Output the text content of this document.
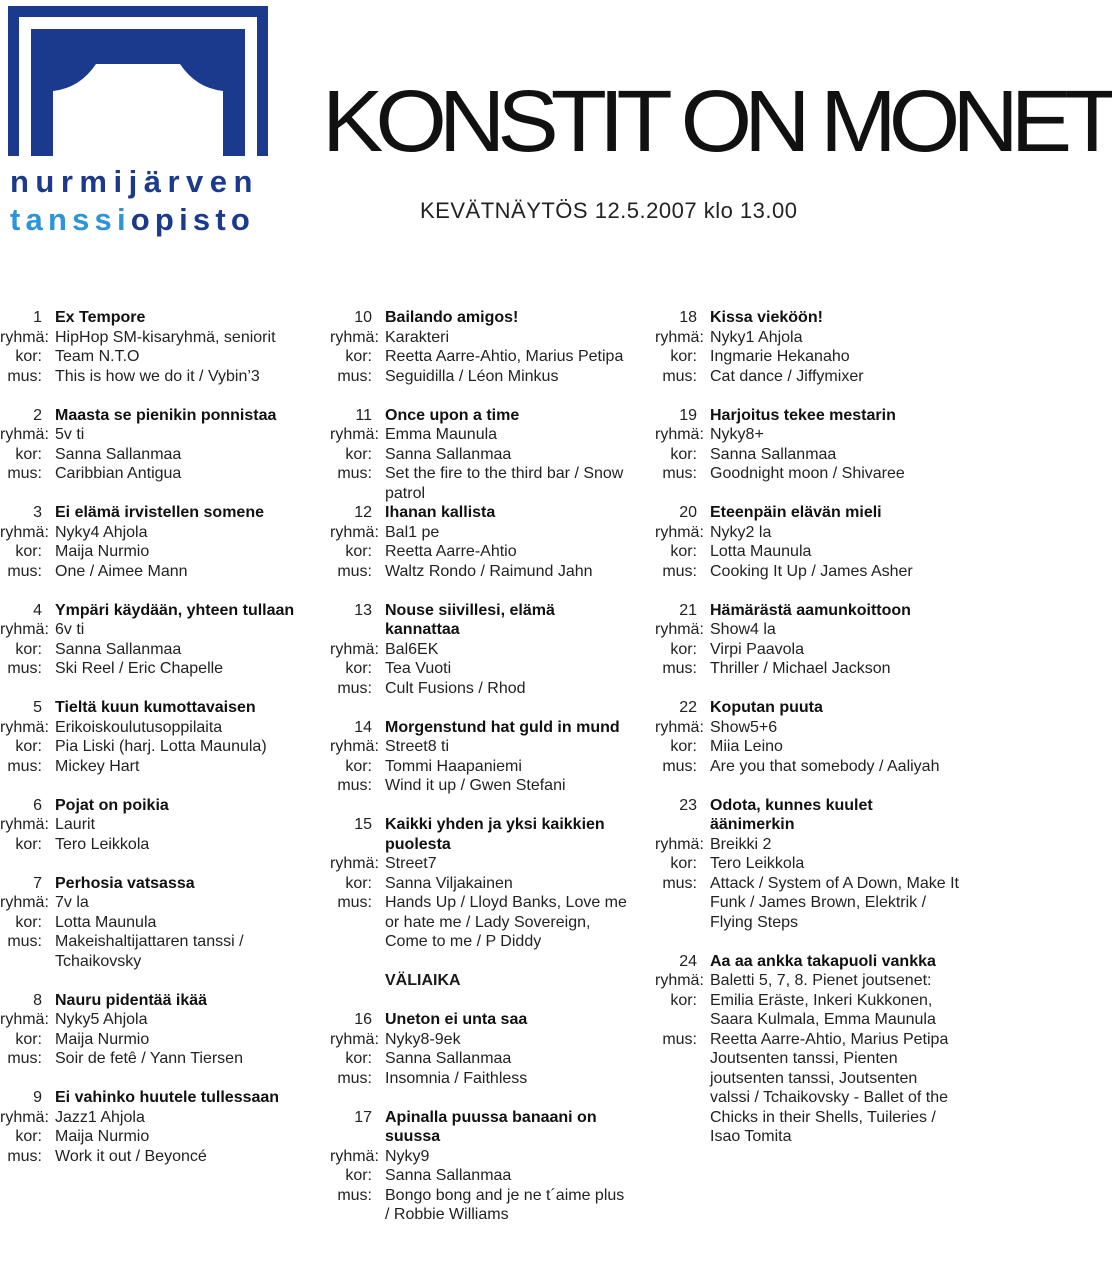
nurmijärven
tanssiopisto
KONSTIT ON MONET
KEVÄTNÄYTÖS 12.5.2007 klo 13.00
1 Ex Tempore
ryhmä: HipHop SM-kisaryhmä, seniorit
kor: Team N.T.O
mus: This is how we do it / Vybin’3
2 Maasta se pienikin ponnistaa
ryhmä: 5v ti
kor: Sanna Sallanmaa
mus: Caribbian Antigua
3 Ei elämä irvistellen somene
ryhmä: Nyky4 Ahjola
kor: Maija Nurmio
mus: One / Aimee Mann
4 Ympäri käydään, yhteen tullaan
ryhmä: 6v ti
kor: Sanna Sallanmaa
mus: Ski Reel / Eric Chapelle
5 Tieltä kuun kumottavaisen
ryhmä: Erikoiskoulutusoppilaita
kor: Pia Liski (harj. Lotta Maunula)
mus: Mickey Hart
6 Pojat on poikia
ryhmä: Laurit
kor: Tero Leikkola
7 Perhosia vatsassa
ryhmä: 7v la
kor: Lotta Maunula
mus: Makeishaltijattaren tanssi / Tchaikovsky
8 Nauru pidentää ikää
ryhmä: Nyky5 Ahjola
kor: Maija Nurmio
mus: Soir de fetê / Yann Tiersen
9 Ei vahinko huutele tullessaan
ryhmä: Jazz1 Ahjola
kor: Maija Nurmio
mus: Work it out / Beyoncé
10 Bailando amigos!
ryhmä: Karakteri
kor: Reetta Aarre-Ahtio, Marius Petipa
mus: Seguidilla / Léon Minkus
11 Once upon a time
ryhmä: Emma Maunula
kor: Sanna Sallanmaa
mus: Set the fire to the third bar / Snow patrol
12 Ihanan kallista
ryhmä: Bal1 pe
kor: Reetta Aarre-Ahtio
mus: Waltz Rondo / Raimund Jahn
13 Nouse siivillesi, elämä kannattaa
ryhmä: Bal6EK
kor: Tea Vuoti
mus: Cult Fusions / Rhod
14 Morgenstund hat guld in mund
ryhmä: Street8 ti
kor: Tommi Haapaniemi
mus: Wind it up / Gwen Stefani
15 Kaikki yhden ja yksi kaikkien puolesta
ryhmä: Street7
kor: Sanna Viljakainen
mus: Hands Up / Lloyd Banks, Love me or hate me / Lady Sovereign, Come to me / P Diddy
VÄLIAIKA
16 Uneton ei unta saa
ryhmä: Nyky8-9ek
kor: Sanna Sallanmaa
mus: Insomnia / Faithless
17 Apinalla puussa banaani on suussa
ryhmä: Nyky9
kor: Sanna Sallanmaa
mus: Bongo bong and je ne t´aime plus / Robbie Williams
18 Kissa vieköön!
ryhmä: Nyky1 Ahjola
kor: Ingmarie Hekanaho
mus: Cat dance / Jiffymixer
19 Harjoitus tekee mestarin
ryhmä: Nyky8+
kor: Sanna Sallanmaa
mus: Goodnight moon / Shivaree
20 Eteenpäin elävän mieli
ryhmä: Nyky2 la
kor: Lotta Maunula
mus: Cooking It Up / James Asher
21 Hämärästä aamunkoittoon
ryhmä: Show4 la
kor: Virpi Paavola
mus: Thriller / Michael Jackson
22 Koputan puuta
ryhmä: Show5+6
kor: Miia Leino
mus: Are you that somebody / Aaliyah
23 Odota, kunnes kuulet äänimerkin
ryhmä: Breikki 2
kor: Tero Leikkola
mus: Attack / System of A Down, Make It Funk / James Brown, Elektrik / Flying Steps
24 Aa aa ankka takapuoli vankka
ryhmä: Baletti 5, 7, 8. Pienet joutsenet:
kor: Emilia Eräste, Inkeri Kukkonen, Saara Kulmala, Emma Maunula
mus: Reetta Aarre-Ahtio, Marius Petipa Joutsenten tanssi, Pienten joutsenten tanssi, Joutsenten valssi / Tchaikovsky - Ballet of the Chicks in their Shells, Tuileries / Isao Tomita
